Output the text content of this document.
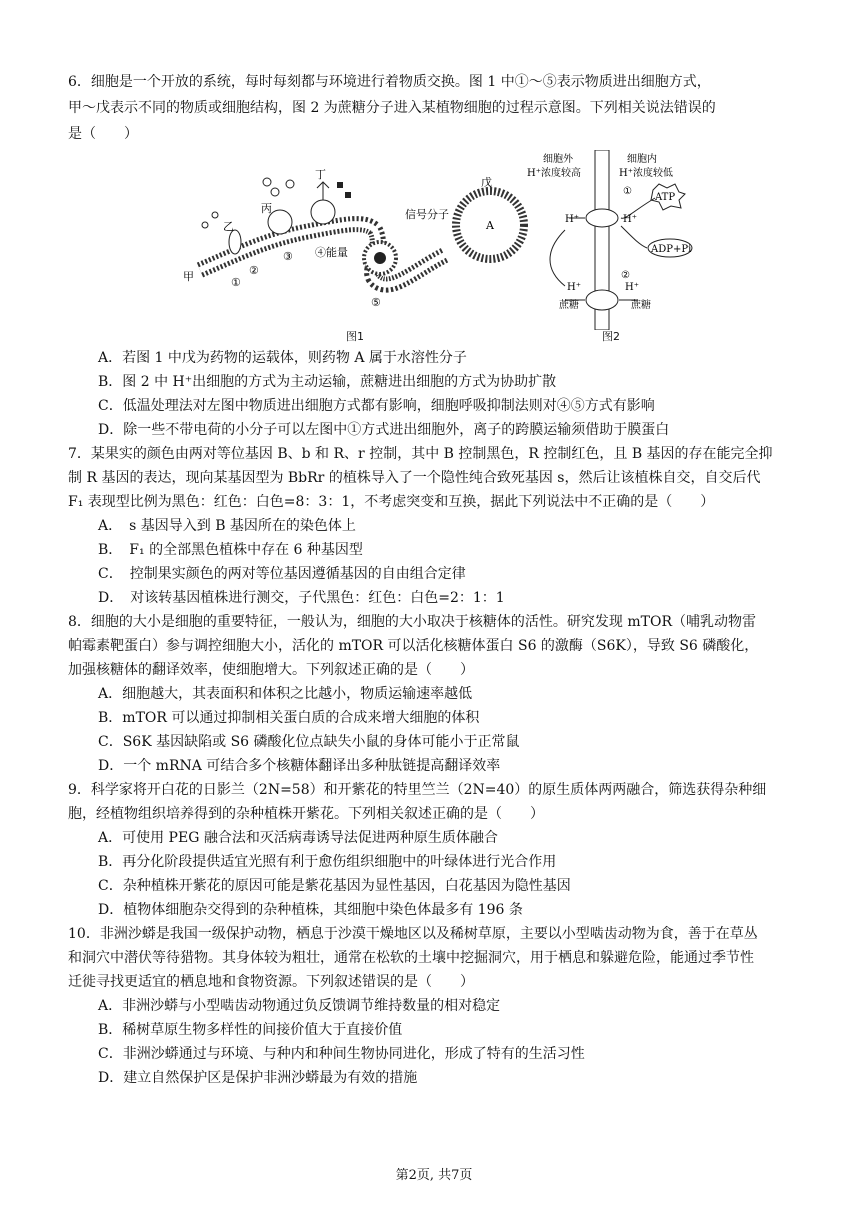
6．细胞是一个开放的系统，每时每刻都与环境进行着物质交换。图 1 中①～⑤表示物质进出细胞方式，
甲～戊表示不同的物质或细胞结构，图 2 为蔗糖分子进入某植物细胞的过程示意图。下列相关说法错误的
是（　　）
甲
乙
丙
丁
戊
①
②
③ ④能量
⑤
信号分子
A
图1
细胞外
H⁺浓度较高
细胞内
H⁺浓度较低
H⁺	H⁺
H⁺	H⁺
ATP
ADP+Pi
①
②
蔗糖	蔗糖
图2
A．若图 1 中戊为药物的运载体，则药物 A 属于水溶性分子
B．图 2 中 H⁺出细胞的方式为主动运输，蔗糖进出细胞的方式为协助扩散
C．低温处理法对左图中物质进出细胞方式都有影响，细胞呼吸抑制法则对④⑤方式有影响
D．除一些不带电荷的小分子可以左图中①方式进出细胞外，离子的跨膜运输须借助于膜蛋白
7．某果实的颜色由两对等位基因 B、b 和 R、r 控制，其中 B 控制黑色，R 控制红色，且 B 基因的存在能完全抑
制 R 基因的表达，现向某基因型为 BbRr 的植株导入了一个隐性纯合致死基因 s，然后让该植株自交，自交后代
F₁ 表现型比例为黑色：红色：白色=8：3：1，不考虑突变和互换，据此下列说法中不正确的是（　　）
A．　s 基因导入到 B 基因所在的染色体上
B．　F₁ 的全部黑色植株中存在 6 种基因型
C．　控制果实颜色的两对等位基因遵循基因的自由组合定律
D．　对该转基因植株进行测交，子代黑色：红色：白色=2：1：1
8．细胞的大小是细胞的重要特征，一般认为，细胞的大小取决于核糖体的活性。研究发现 mTOR（哺乳动物雷
帕霉素靶蛋白）参与调控细胞大小，活化的 mTOR 可以活化核糖体蛋白 S6 的激酶（S6K），导致 S6 磷酸化，
加强核糖体的翻译效率，使细胞增大。下列叙述正确的是（　　）
A．细胞越大，其表面积和体积之比越小，物质运输速率越低
B．mTOR 可以通过抑制相关蛋白质的合成来增大细胞的体积
C．S6K 基因缺陷或 S6 磷酸化位点缺失小鼠的身体可能小于正常鼠
D．一个 mRNA 可结合多个核糖体翻译出多种肽链提高翻译效率
9．科学家将开白花的日影兰（2N=58）和开紫花的特里竺兰（2N=40）的原生质体两两融合，筛选获得杂种细
胞，经植物组织培养得到的杂种植株开紫花。下列相关叙述正确的是（　　）
A．可使用 PEG 融合法和灭活病毒诱导法促进两种原生质体融合
B．再分化阶段提供适宜光照有利于愈伤组织细胞中的叶绿体进行光合作用
C．杂种植株开紫花的原因可能是紫花基因为显性基因，白花基因为隐性基因
D．植物体细胞杂交得到的杂种植株，其细胞中染色体最多有 196 条
10．非洲沙蟒是我国一级保护动物，栖息于沙漠干燥地区以及稀树草原，主要以小型啮齿动物为食，善于在草丛
和洞穴中潜伏等待猎物。其身体较为粗壮，通常在松软的土壤中挖掘洞穴，用于栖息和躲避危险，能通过季节性
迁徙寻找更适宜的栖息地和食物资源。下列叙述错误的是（　　）
A．非洲沙蟒与小型啮齿动物通过负反馈调节维持数量的相对稳定
B．稀树草原生物多样性的间接价值大于直接价值
C．非洲沙蟒通过与环境、与种内和种间生物协同进化，形成了特有的生活习性
D．建立自然保护区是保护非洲沙蟒最为有效的措施
第2页, 共7页
